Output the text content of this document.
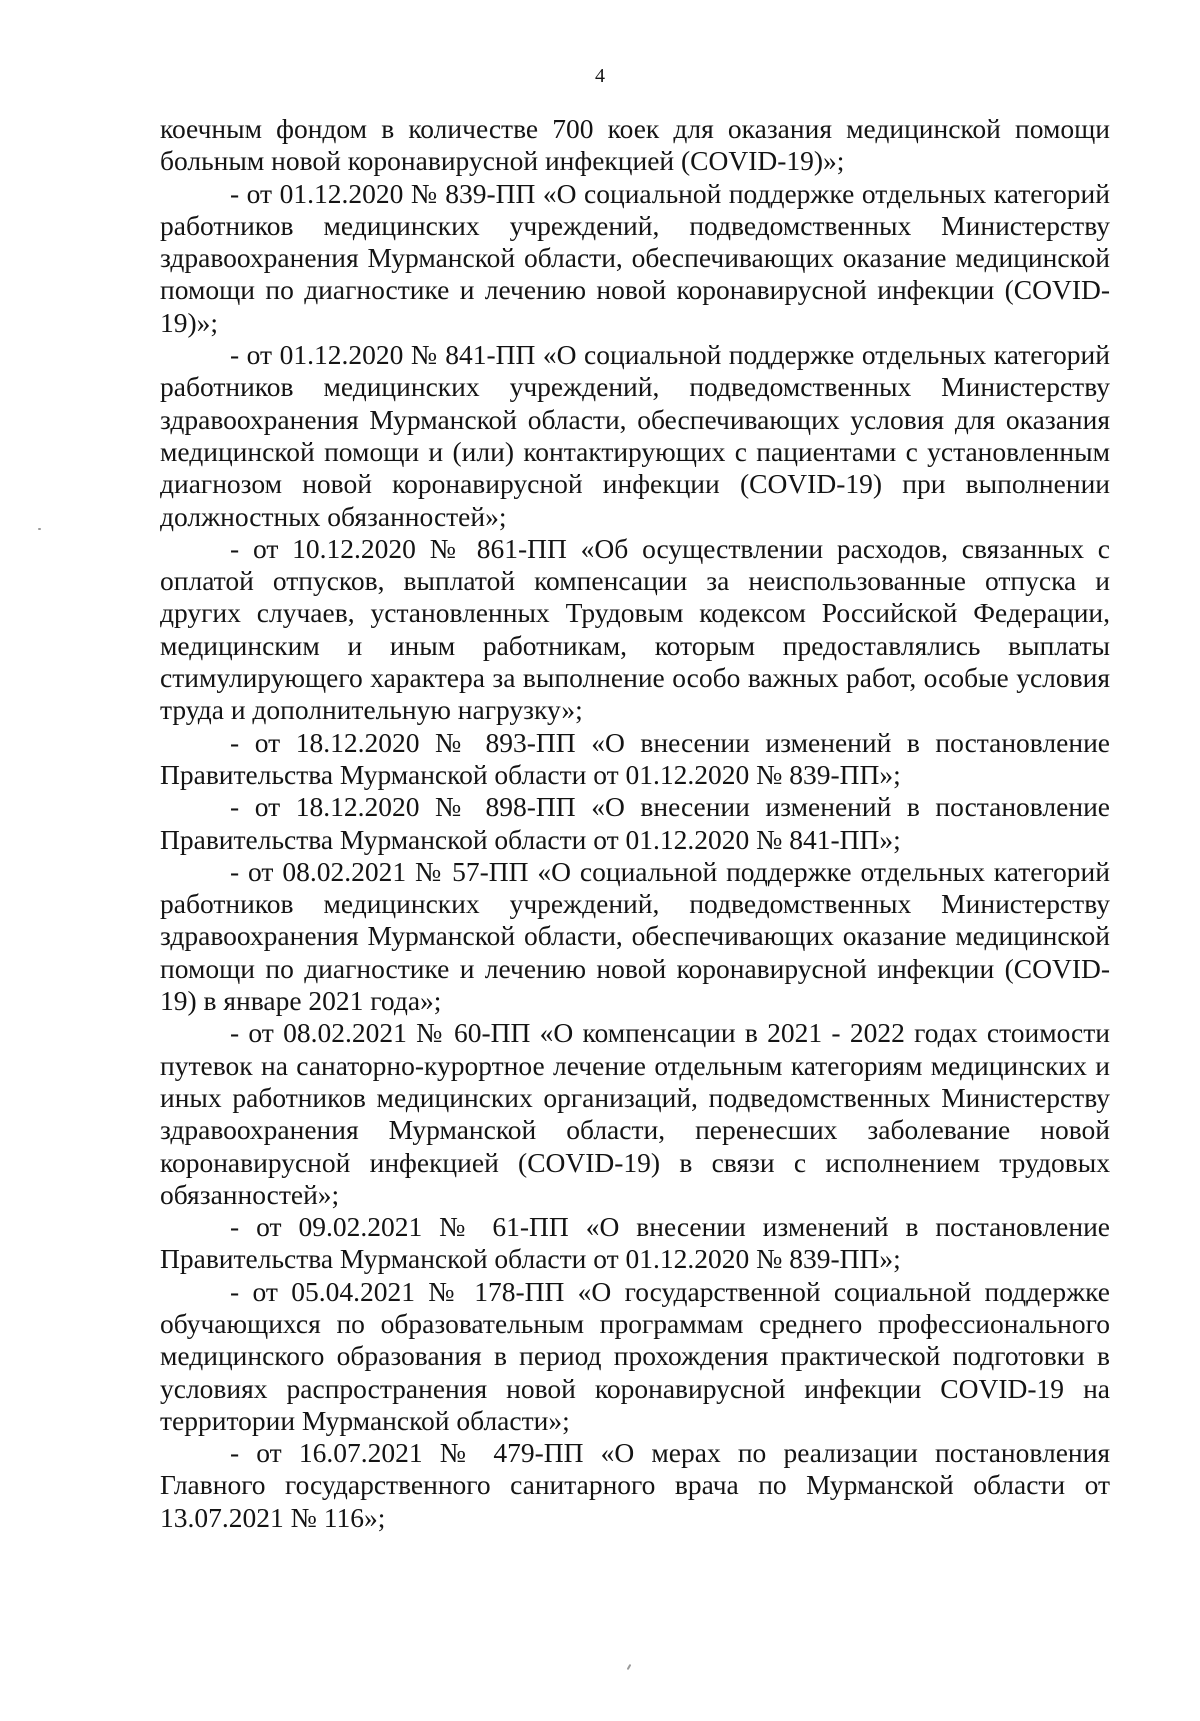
4

коечным фондом в количестве 700 коек для оказания медицинской помощи больным новой коронавирусной инфекцией (COVID-19)»;

- от 01.12.2020 № 839-ПП «О социальной поддержке отдельных категорий работников медицинских учреждений, подведомственных Министерству здравоохранения Мурманской области, обеспечивающих оказание медицинской помощи по диагностике и лечению новой коронавирусной инфекции (COVID-19)»;

- от 01.12.2020 № 841-ПП «О социальной поддержке отдельных категорий работников медицинских учреждений, подведомственных Министерству здравоохранения Мурманской области, обеспечивающих условия для оказания медицинской помощи и (или) контактирующих с пациентами с установленным диагнозом новой коронавирусной инфекции (COVID-19) при выполнении должностных обязанностей»;

- от 10.12.2020 № 861-ПП «Об осуществлении расходов, связанных с оплатой отпусков, выплатой компенсации за неиспользованные отпуска и других случаев, установленных Трудовым кодексом Российской Федерации, медицинским и иным работникам, которым предоставлялись выплаты стимулирующего характера за выполнение особо важных работ, особые условия труда и дополнительную нагрузку»;

- от 18.12.2020 № 893-ПП «О внесении изменений в постановление Правительства Мурманской области от 01.12.2020 № 839-ПП»;

- от 18.12.2020 № 898-ПП «О внесении изменений в постановление Правительства Мурманской области от 01.12.2020 № 841-ПП»;

- от 08.02.2021 № 57-ПП «О социальной поддержке отдельных категорий работников медицинских учреждений, подведомственных Министерству здравоохранения Мурманской области, обеспечивающих оказание медицинской помощи по диагностике и лечению новой коронавирусной инфекции (COVID-19) в январе 2021 года»;

- от 08.02.2021 № 60-ПП «О компенсации в 2021 - 2022 годах стоимости путевок на санаторно-курортное лечение отдельным категориям медицинских и иных работников медицинских организаций, подведомственных Министерству здравоохранения Мурманской области, перенесших заболевание новой коронавирусной инфекцией (COVID-19) в связи с исполнением трудовых обязанностей»;

- от 09.02.2021 № 61-ПП «О внесении изменений в постановление Правительства Мурманской области от 01.12.2020 № 839-ПП»;

- от 05.04.2021 № 178-ПП «О государственной социальной поддержке обучающихся по образовательным программам среднего профессионального медицинского образования в период прохождения практической подготовки в условиях распространения новой коронавирусной инфекции COVID-19 на территории Мурманской области»;

- от 16.07.2021 № 479-ПП «О мерах по реализации постановления Главного государственного санитарного врача по Мурманской области от 13.07.2021 № 116»;
